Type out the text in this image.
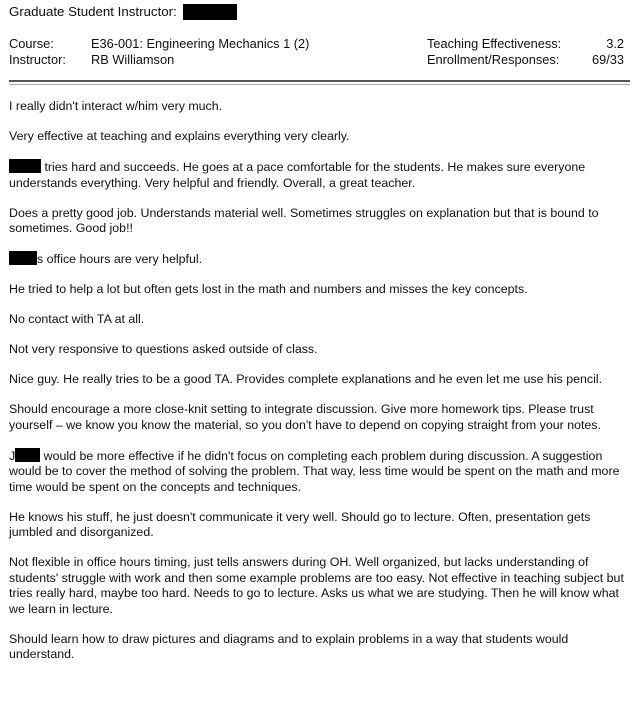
Graduate Student Instructor:
Course:	E36-001: Engineering Mechanics 1 (2)	Teaching Effectiveness:	3.2
Instructor:	RB Williamson	Enrollment/Responses:	69/33

I really didn't interact w/him very much.

Very effective at teaching and explains everything very clearly.

tries hard and succeeds. He goes at a pace comfortable for the students. He makes sure everyone understands everything. Very helpful and friendly. Overall, a great teacher.

Does a pretty good job. Understands material well. Sometimes struggles on explanation but that is bound to sometimes. Good job!!

s office hours are very helpful.

He tried to help a lot but often gets lost in the math and numbers and misses the key concepts.

No contact with TA at all.

Not very responsive to questions asked outside of class.

Nice guy. He really tries to be a good TA. Provides complete explanations and he even let me use his pencil.

Should encourage a more close-knit setting to integrate discussion. Give more homework tips. Please trust yourself – we know you know the material, so you don't have to depend on copying straight from your notes.

J would be more effective if he didn't focus on completing each problem during discussion. A suggestion would be to cover the method of solving the problem. That way, less time would be spent on the math and more time would be spent on the concepts and techniques.

He knows his stuff, he just doesn't communicate it very well. Should go to lecture. Often, presentation gets jumbled and disorganized.

Not flexible in office hours timing, just tells answers during OH. Well organized, but lacks understanding of students' struggle with work and then some example problems are too easy. Not effective in teaching subject but tries really hard, maybe too hard. Needs to go to lecture. Asks us what we are studying. Then he will know what we learn in lecture.

Should learn how to draw pictures and diagrams and to explain problems in a way that students would understand.
